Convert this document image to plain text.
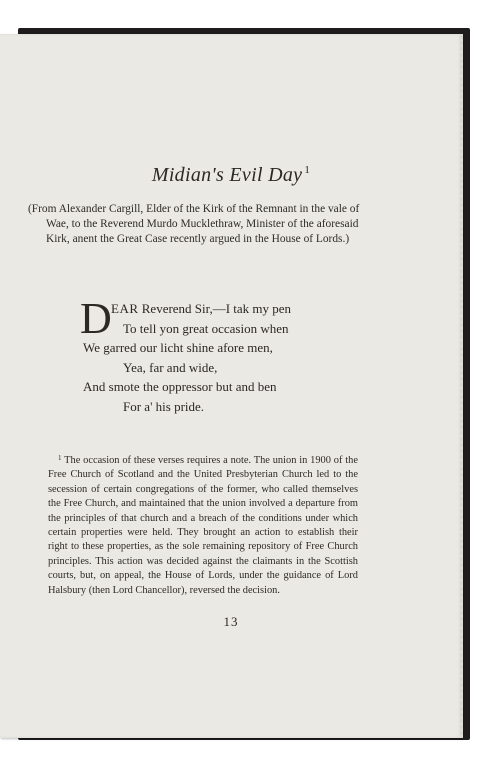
Midian's Evil Day $^1$
(From Alexander Cargill, Elder of the Kirk of the Remnant in the vale of Wae, to the Reverend Murdo Mucklethraw, Minister of the aforesaid Kirk, anent the Great Case recently argued in the House of Lords.)
D EAR Reverend Sir,—I tak my pen
To tell yon great occasion when
We garred our licht shine afore men,
Yea, far and wide,
And smote the oppressor but and ben
For a' his pride.
$^1$ The occasion of these verses requires a note. The union in 1900 of the Free Church of Scotland and the United Presbyterian Church led to the secession of certain congregations of the former, who called themselves the Free Church, and maintained that the union involved a departure from the principles of that church and a breach of the conditions under which certain properties were held. They brought an action to establish their right to these properties, as the sole remaining repository of Free Church principles. This action was decided against the claimants in the Scottish courts, but, on appeal, the House of Lords, under the guidance of Lord Halsbury (then Lord Chancellor), reversed the decision.
13
